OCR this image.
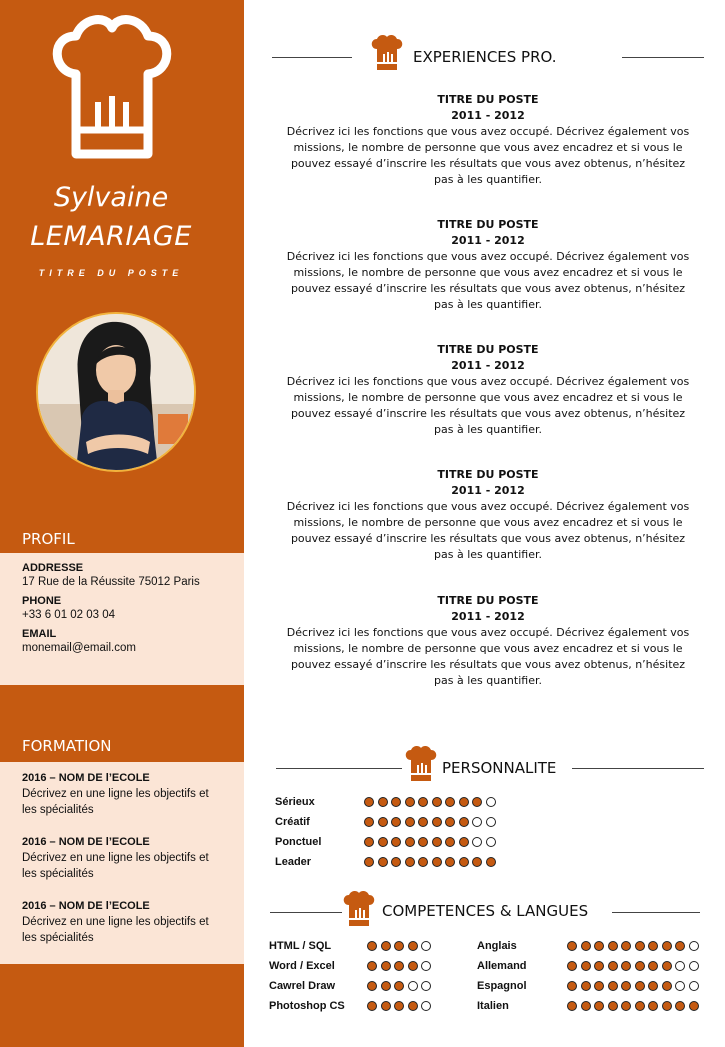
Sylvaine
LEMARIAGE
TITRE DU POSTE
PROFIL
ADDRESSE
17 Rue de la Réussite 75012 Paris
PHONE
+33 6 01 02 03 04
EMAIL
monemail@email.com
FORMATION
2016 – NOM DE l’ECOLE
Décrivez en une ligne les objectifs et les spécialités
2016 – NOM DE l’ECOLE
Décrivez en une ligne les objectifs et les spécialités
2016 – NOM DE l’ECOLE
Décrivez en une ligne les objectifs et les spécialités
EXPERIENCES PRO.
TITRE DU POSTE
2011 - 2012
Décrivez ici les fonctions que vous avez occupé. Décrivez également vos missions, le nombre de personne que vous avez encadrez et si vous le pouvez essayé d’inscrire les résultats que vous avez obtenus, n’hésitez pas à les quantifier.
TITRE DU POSTE
2011 - 2012
Décrivez ici les fonctions que vous avez occupé. Décrivez également vos missions, le nombre de personne que vous avez encadrez et si vous le pouvez essayé d’inscrire les résultats que vous avez obtenus, n’hésitez pas à les quantifier.
TITRE DU POSTE
2011 - 2012
Décrivez ici les fonctions que vous avez occupé. Décrivez également vos missions, le nombre de personne que vous avez encadrez et si vous le pouvez essayé d’inscrire les résultats que vous avez obtenus, n’hésitez pas à les quantifier.
TITRE DU POSTE
2011 - 2012
Décrivez ici les fonctions que vous avez occupé. Décrivez également vos missions, le nombre de personne que vous avez encadrez et si vous le pouvez essayé d’inscrire les résultats que vous avez obtenus, n’hésitez pas à les quantifier.
TITRE DU POSTE
2011 - 2012
Décrivez ici les fonctions que vous avez occupé. Décrivez également vos missions, le nombre de personne que vous avez encadrez et si vous le pouvez essayé d’inscrire les résultats que vous avez obtenus, n’hésitez pas à les quantifier.
PERSONNALITE
Sérieux
Créatif
Ponctuel
Leader
COMPETENCES & LANGUES
HTML / SQL
Word / Excel
Cawrel Draw
Photoshop CS
Anglais
Allemand
Espagnol
Italien
